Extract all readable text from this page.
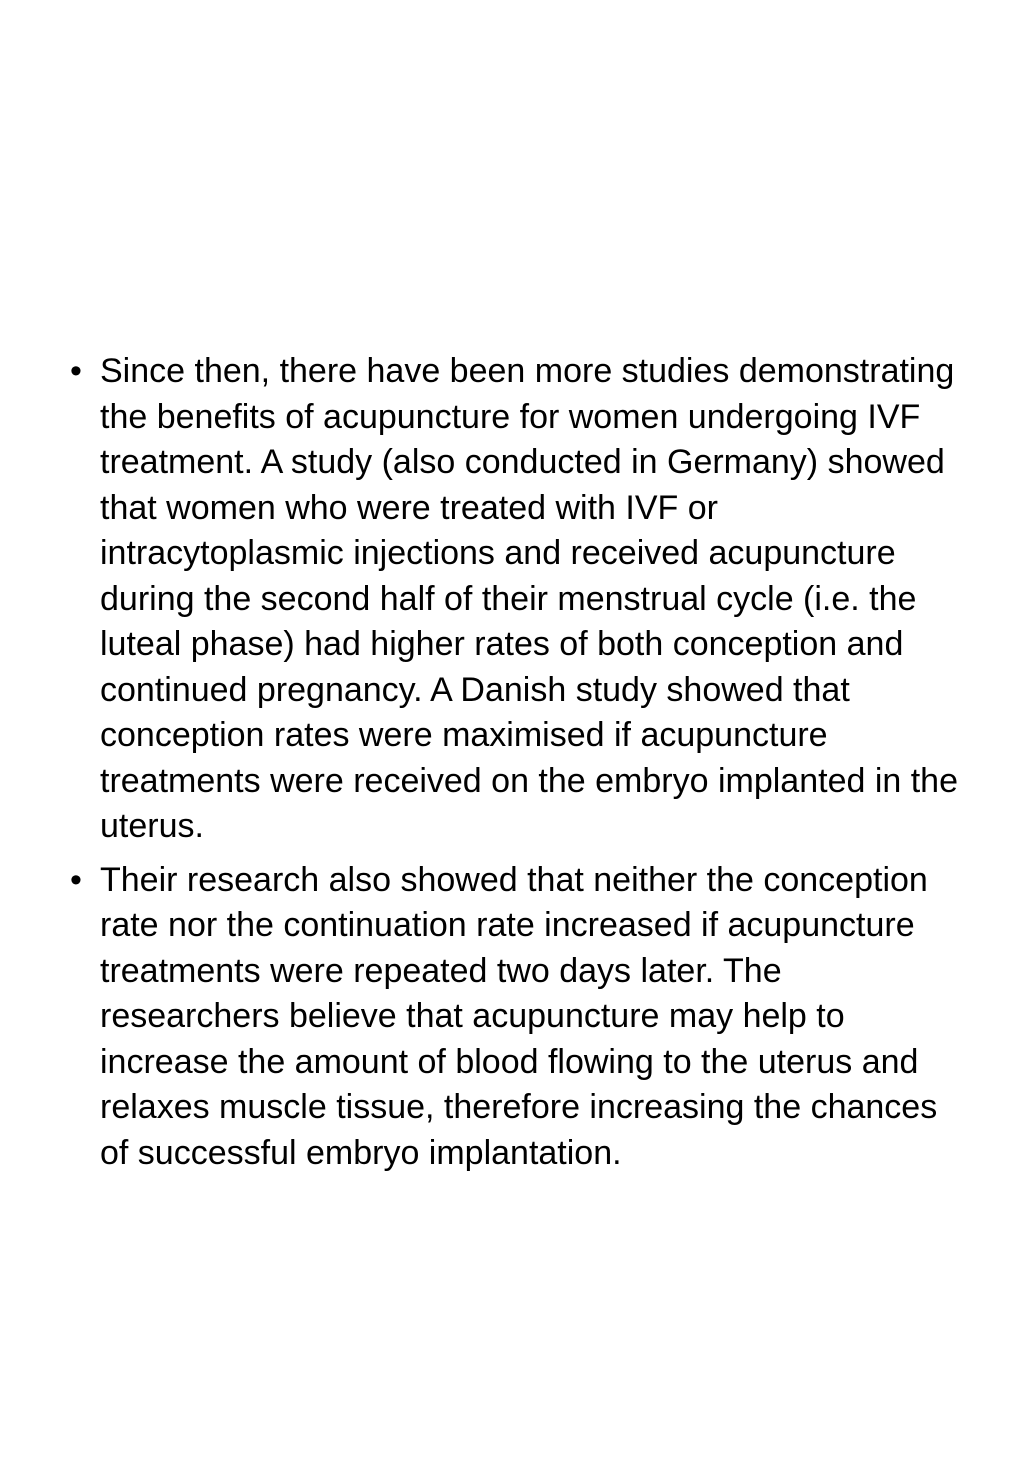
• Since then, there have been more studies demonstrating the benefits of acupuncture for women undergoing IVF treatment. A study (also conducted in Germany) showed that women who were treated with IVF or intracytoplasmic injections and received acupuncture during the second half of their menstrual cycle (i.e. the luteal phase) had higher rates of both conception and continued pregnancy. A Danish study showed that conception rates were maximised if acupuncture treatments were received on the embryo implanted in the uterus.
• Their research also showed that neither the conception rate nor the continuation rate increased if acupuncture treatments were repeated two days later. The researchers believe that acupuncture may help to increase the amount of blood flowing to the uterus and relaxes muscle tissue, therefore increasing the chances of successful embryo implantation.
